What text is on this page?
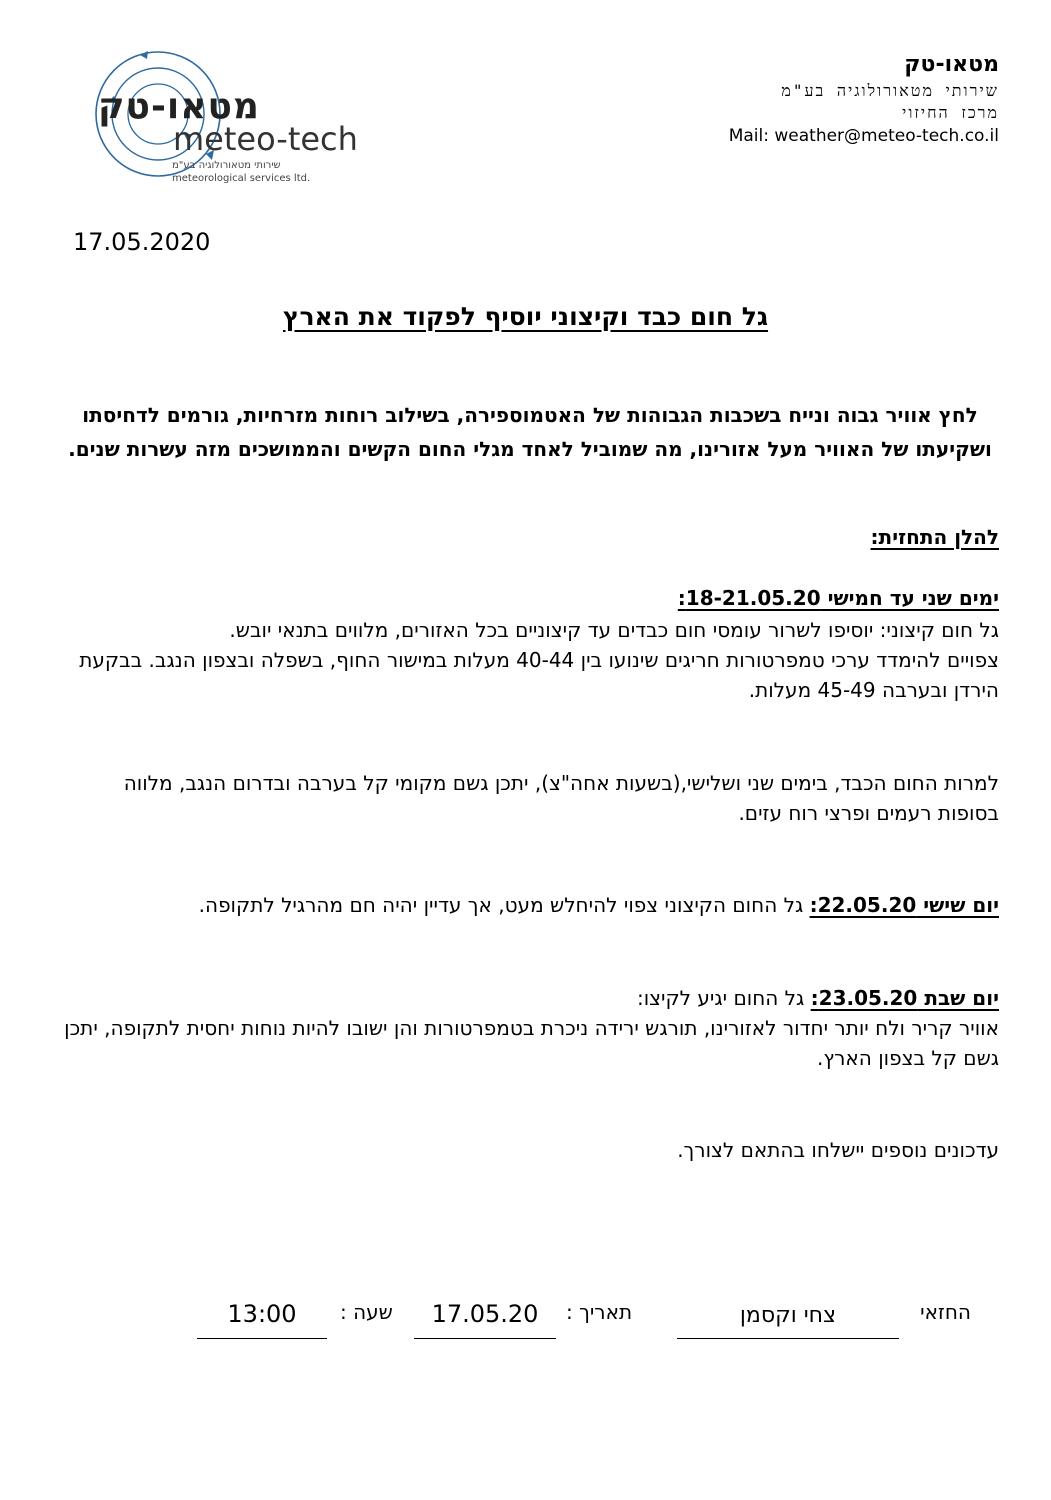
מטאו-טק
meteo-tech
שירותי מטאורולוגיה בע"מ
meteorological services ltd.
מטאו-טק
שירותי מטאורולוגיה בע"מ
מרכז החיזוי
Mail: weather@meteo-tech.co.il
17.05.2020
גל חום כבד וקיצוני יוסיף לפקוד את הארץ
לחץ אוויר גבוה ונייח בשכבות הגבוהות של האטמוספירה, בשילוב רוחות מזרחיות, גורמים לדחיסתו ושקיעתו של האוויר מעל אזורינו, מה שמוביל לאחד מגלי החום הקשים והממושכים מזה עשרות שנים.
להלן התחזית:
ימים שני עד חמישי 18-21.05.20:
גל חום קיצוני: יוסיפו לשרור עומסי חום כבדים עד קיצוניים בכל האזורים, מלווים בתנאי יובש.
צפויים להימדד ערכי טמפרטורות חריגים שינועו בין 40-44 מעלות במישור החוף, בשפלה ובצפון הנגב. בבקעת הירדן ובערבה 45-49 מעלות.
למרות החום הכבד, בימים שני ושלישי,(בשעות אחה"צ), יתכן גשם מקומי קל בערבה ובדרום הנגב, מלווה בסופות רעמים ופרצי רוח עזים.
יום שישי 22.05.20: גל החום הקיצוני צפוי להיחלש מעט, אך עדיין יהיה חם מהרגיל לתקופה.
יום שבת 23.05.20: גל החום יגיע לקיצו:
אוויר קריר ולח יותר יחדור לאזורינו, תורגש ירידה ניכרת בטמפרטורות והן ישובו להיות נוחות יחסית לתקופה, יתכן גשם קל בצפון הארץ.
עדכונים נוספים יישלחו בהתאם לצורך.
החזאי
צחי וקסמן
תאריך :
17.05.20
שעה :
13:00
